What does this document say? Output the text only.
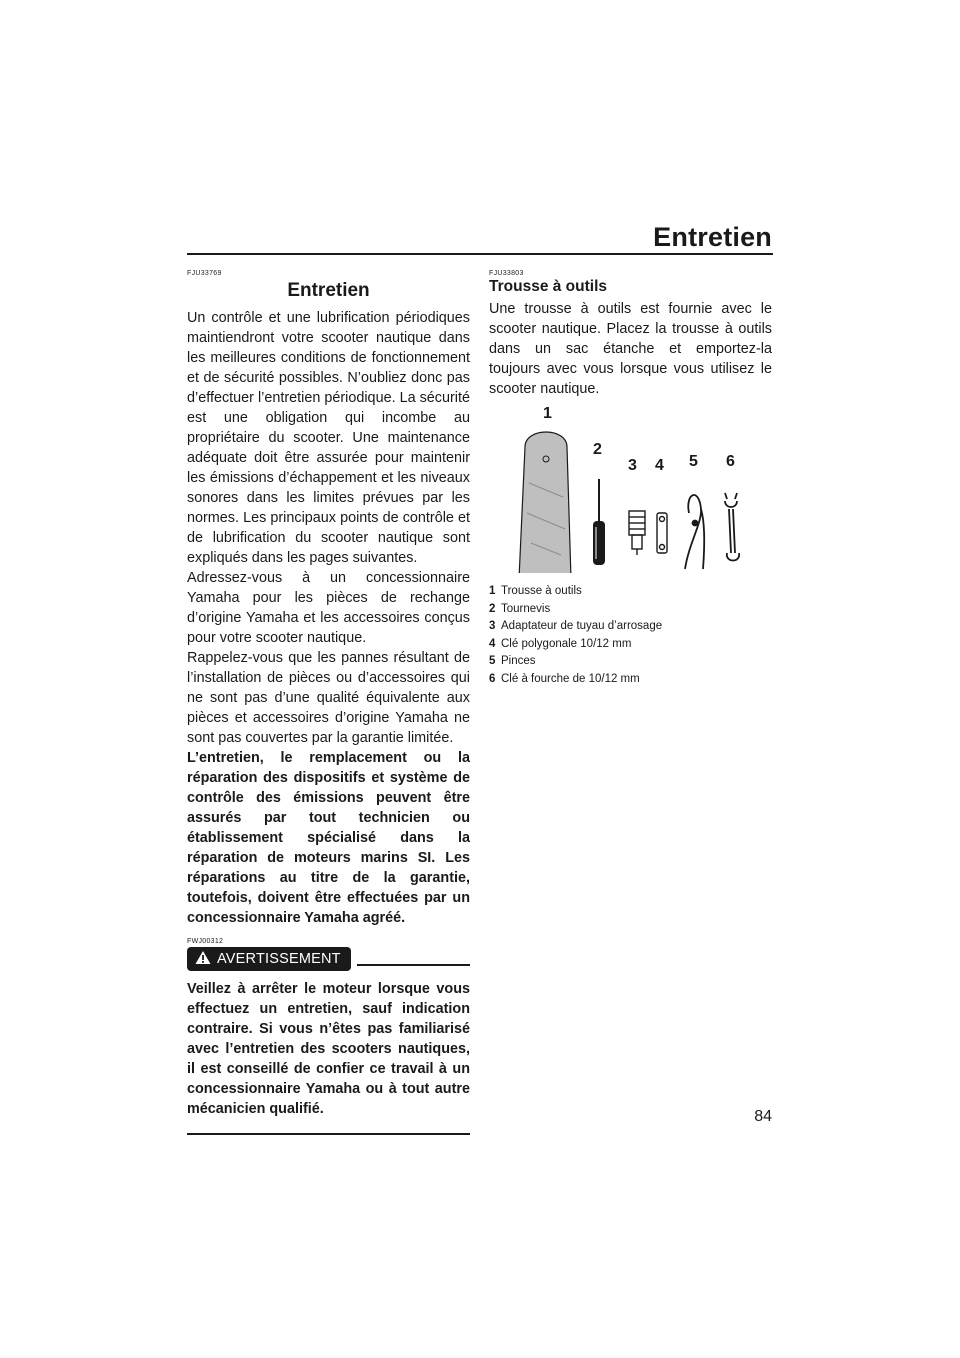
Entretien
FJU33769
Entretien

Un contrôle et une lubrification périodiques maintiendront votre scooter nautique dans les meilleures conditions de fonctionnement et de sécurité possibles. N’oubliez donc pas d’effectuer l’entretien périodique. La sécurité est une obligation qui incombe au propriétaire du scooter. Une maintenance adéquate doit être assurée pour maintenir les émissions d’échappement et les niveaux sonores dans les limites prévues par les normes. Les principaux points de contrôle et de lubrification du scooter nautique sont expliqués dans les pages suivantes.

Adressez-vous à un concessionnaire Yamaha pour les pièces de rechange d’origine Yamaha et les accessoires conçus pour votre scooter nautique.

Rappelez-vous que les pannes résultant de l’installation de pièces ou d’accessoires qui ne sont pas d’une qualité équivalente aux pièces et accessoires d’origine Yamaha ne sont pas couvertes par la garantie limitée.

L’entretien, le remplacement ou la réparation des dispositifs et système de contrôle des émissions peuvent être assurés par tout technicien ou établissement spécialisé dans la réparation de moteurs marins SI. Les réparations au titre de la garantie, toutefois, doivent être effectuées par un concessionnaire Yamaha agréé.

FWJ00312
AVERTISSEMENT

Veillez à arrêter le moteur lorsque vous effectuez un entretien, sauf indication contraire. Si vous n’êtes pas familiarisé avec l’entretien des scooters nautiques, il est conseillé de confier ce travail à un concessionnaire Yamaha ou à tout autre mécanicien qualifié.

FJU33803
Trousse à outils

Une trousse à outils est fournie avec le scooter nautique. Placez la trousse à outils dans un sac étanche et emportez-la toujours avec vous lorsque vous utilisez le scooter nautique.

1
2
3 4 5 6
1 Trousse à outils
2 Tournevis
3 Adaptateur de tuyau d’arrosage
4 Clé polygonale 10/12 mm
5 Pinces
6 Clé à fourche de 10/12 mm
84
